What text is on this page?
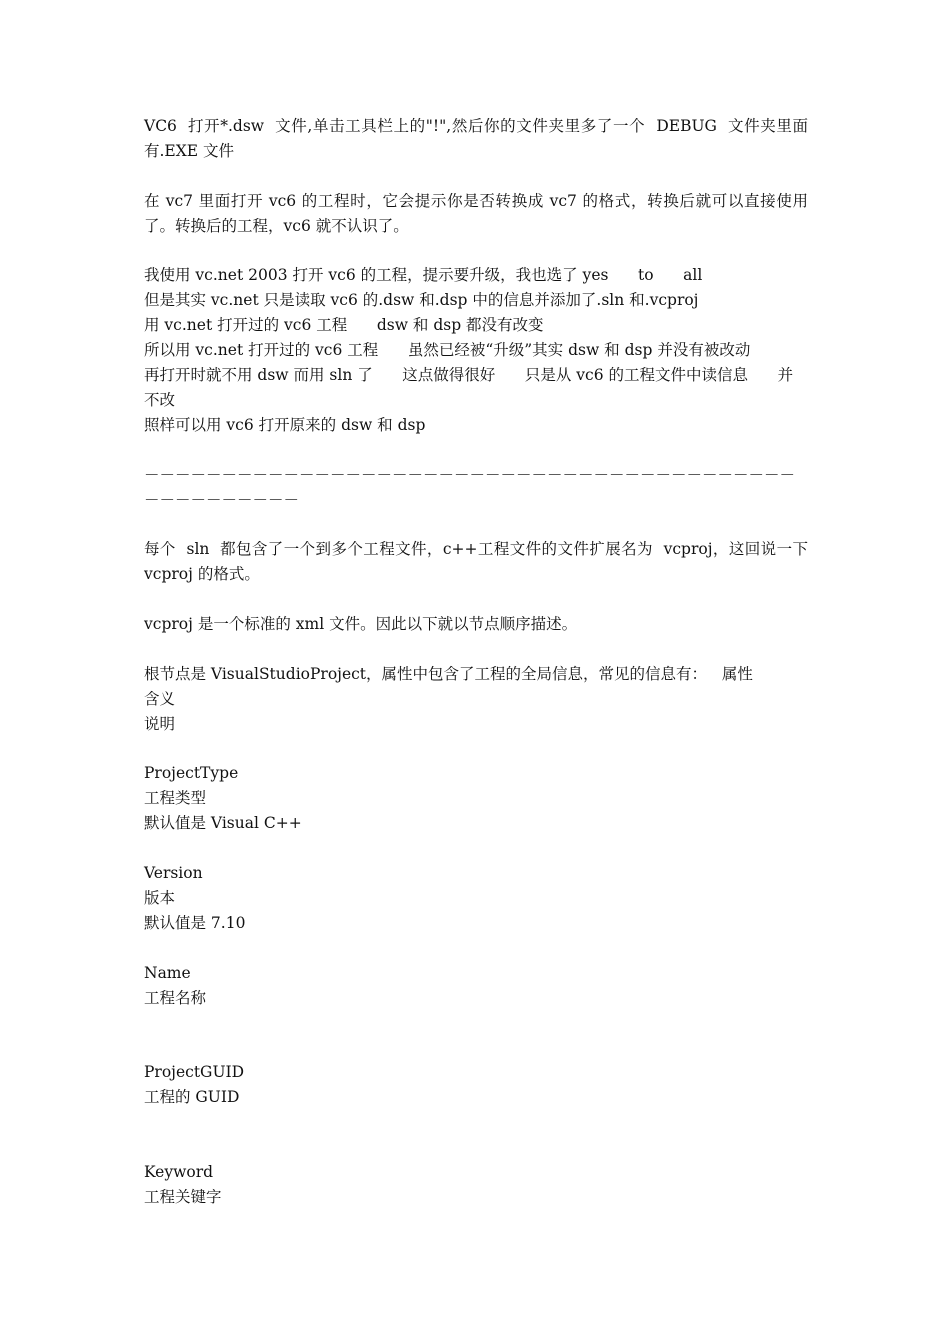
VC6  打开*.dsw  文件,单击工具栏上的"!",然后你的文件夹里多了一个  DEBUG  文件夹里面有.EXE 文件

在 vc7 里面打开 vc6 的工程时，它会提示你是否转换成 vc7 的格式，转换后就可以直接使用了。转换后的工程，vc6 就不认识了。

我使用 vc.net 2003 打开 vc6 的工程，提示要升级，我也选了 yes      to      all
但是其实 vc.net 只是读取 vc6 的.dsw 和.dsp 中的信息并添加了.sln 和.vcproj
用 vc.net 打开过的 vc6 工程      dsw 和 dsp 都没有改变
所以用 vc.net 打开过的 vc6 工程      虽然已经被“升级”其实 dsw 和 dsp 并没有被改动
再打开时就不用 dsw 而用 sln 了      这点做得很好      只是从 vc6 的工程文件中读信息      并不改
照样可以用 vc6 打开原来的 dsw 和 dsp

－－－－－－－－－－－－－－－－－－－－－－－－－－－－－－－－－－－－－－－－－－－－－－－－－－－－

每个  sln  都包含了一个到多个工程文件，c++工程文件的文件扩展名为  vcproj，这回说一下 vcproj 的格式。

vcproj 是一个标准的 xml 文件。因此以下就以节点顺序描述。

根节点是 VisualStudioProject，属性中包含了工程的全局信息，常见的信息有：   属性
含义
说明

ProjectType
工程类型
默认值是 Visual C++

Version
版本
默认值是 7.10

Name
工程名称

ProjectGUID
工程的 GUID

Keyword
工程关键字
